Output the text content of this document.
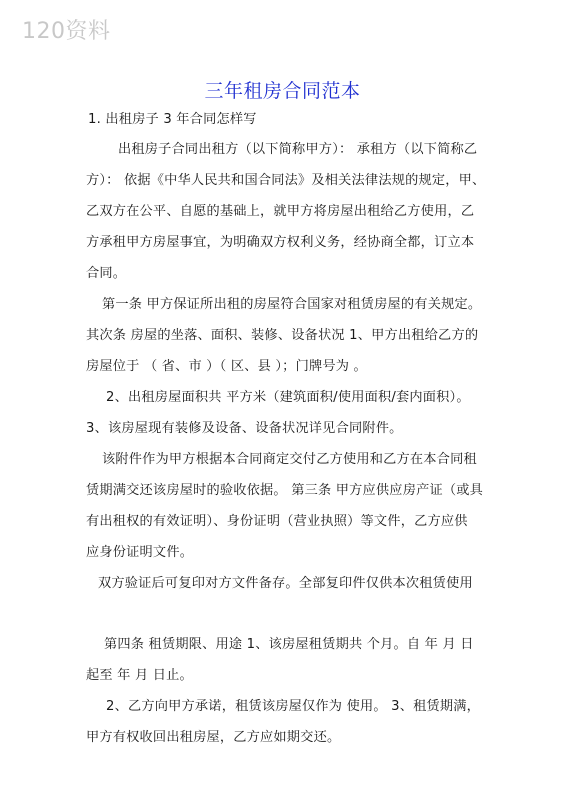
120资料
三年租房合同范本
1. 出租房子 3 年合同怎样写
出租房子合同出租方（以下简称甲方）： 承租方（以下简称乙
方）： 依据《中华人民共和国合同法》及相关法律法规的规定，甲、
乙双方在公平、自愿的基础上，就甲方将房屋出租给乙方使用，乙
方承租甲方房屋事宜，为明确双方权利义务，经协商全都，订立本
合同。
第一条 甲方保证所出租的房屋符合国家对租赁房屋的有关规定。
其次条 房屋的坐落、面积、装修、设备状况 1、甲方出租给乙方的
房屋位于 （ 省、市 ）（ 区、县 ）；门牌号为 。
2、出租房屋面积共 平方米（建筑面积/使用面积/套内面积）。
3、该房屋现有装修及设备、设备状况详见合同附件。
该附件作为甲方根据本合同商定交付乙方使用和乙方在本合同租
赁期满交还该房屋时的验收依据。 第三条 甲方应供应房产证（或具
有出租权的有效证明）、身份证明（营业执照）等文件，乙方应供
应身份证明文件。
双方验证后可复印对方文件备存。全部复印件仅供本次租赁使用
第四条 租赁期限、用途 1、该房屋租赁期共 个月。自 年 月 日
起至 年 月 日止。
2、乙方向甲方承诺，租赁该房屋仅作为 使用。 3、租赁期满，
甲方有权收回出租房屋，乙方应如期交还。
